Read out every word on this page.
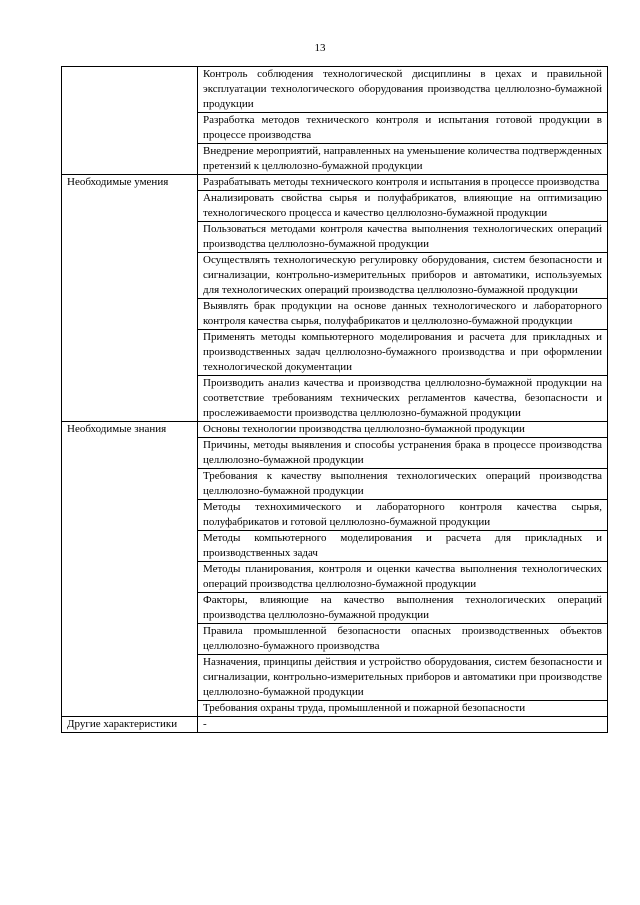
13
	Контроль соблюдения технологической дисциплины в цехах и правильной эксплуатации технологического оборудования производства целлюлозно-бумажной продукции
	Разработка методов технического контроля и испытания готовой продукции в процессе производства
	Внедрение мероприятий, направленных на уменьшение количества подтвержденных претензий к целлюлозно-бумажной продукции
Необходимые умения	Разрабатывать методы технического контроля и испытания в процессе производства
	Анализировать свойства сырья и полуфабрикатов, влияющие на оптимизацию технологического процесса и качество целлюлозно-бумажной продукции
	Пользоваться методами контроля качества выполнения технологических операций производства целлюлозно-бумажной продукции
	Осуществлять технологическую регулировку оборудования, систем безопасности и сигнализации, контрольно-измерительных приборов и автоматики, используемых для технологических операций производства целлюлозно-бумажной продукции
	Выявлять брак продукции на основе данных технологического и лабораторного контроля качества сырья, полуфабрикатов и целлюлозно-бумажной продукции
	Применять методы компьютерного моделирования и расчета для прикладных и производственных задач целлюлозно-бумажного производства и при оформлении технологической документации
	Производить анализ качества и производства целлюлозно-бумажной продукции на соответствие требованиям технических регламентов качества, безопасности и прослеживаемости производства целлюлозно-бумажной продукции
Необходимые знания	Основы технологии производства целлюлозно-бумажной продукции
	Причины, методы выявления и способы устранения брака в процессе производства целлюлозно-бумажной продукции
	Требования к качеству выполнения технологических операций производства целлюлозно-бумажной продукции
	Методы технохимического и лабораторного контроля качества сырья, полуфабрикатов и готовой целлюлозно-бумажной продукции
	Методы компьютерного моделирования и расчета для прикладных и производственных задач
	Методы планирования, контроля и оценки качества выполнения технологических операций производства целлюлозно-бумажной продукции
	Факторы, влияющие на качество выполнения технологических операций производства целлюлозно-бумажной продукции
	Правила промышленной безопасности опасных производственных объектов целлюлозно-бумажного производства
	Назначения, принципы действия и устройство оборудования, систем безопасности и сигнализации, контрольно-измерительных приборов и автоматики при производстве целлюлозно-бумажной продукции
	Требования охраны труда, промышленной и пожарной безопасности
Другие характеристики	-
